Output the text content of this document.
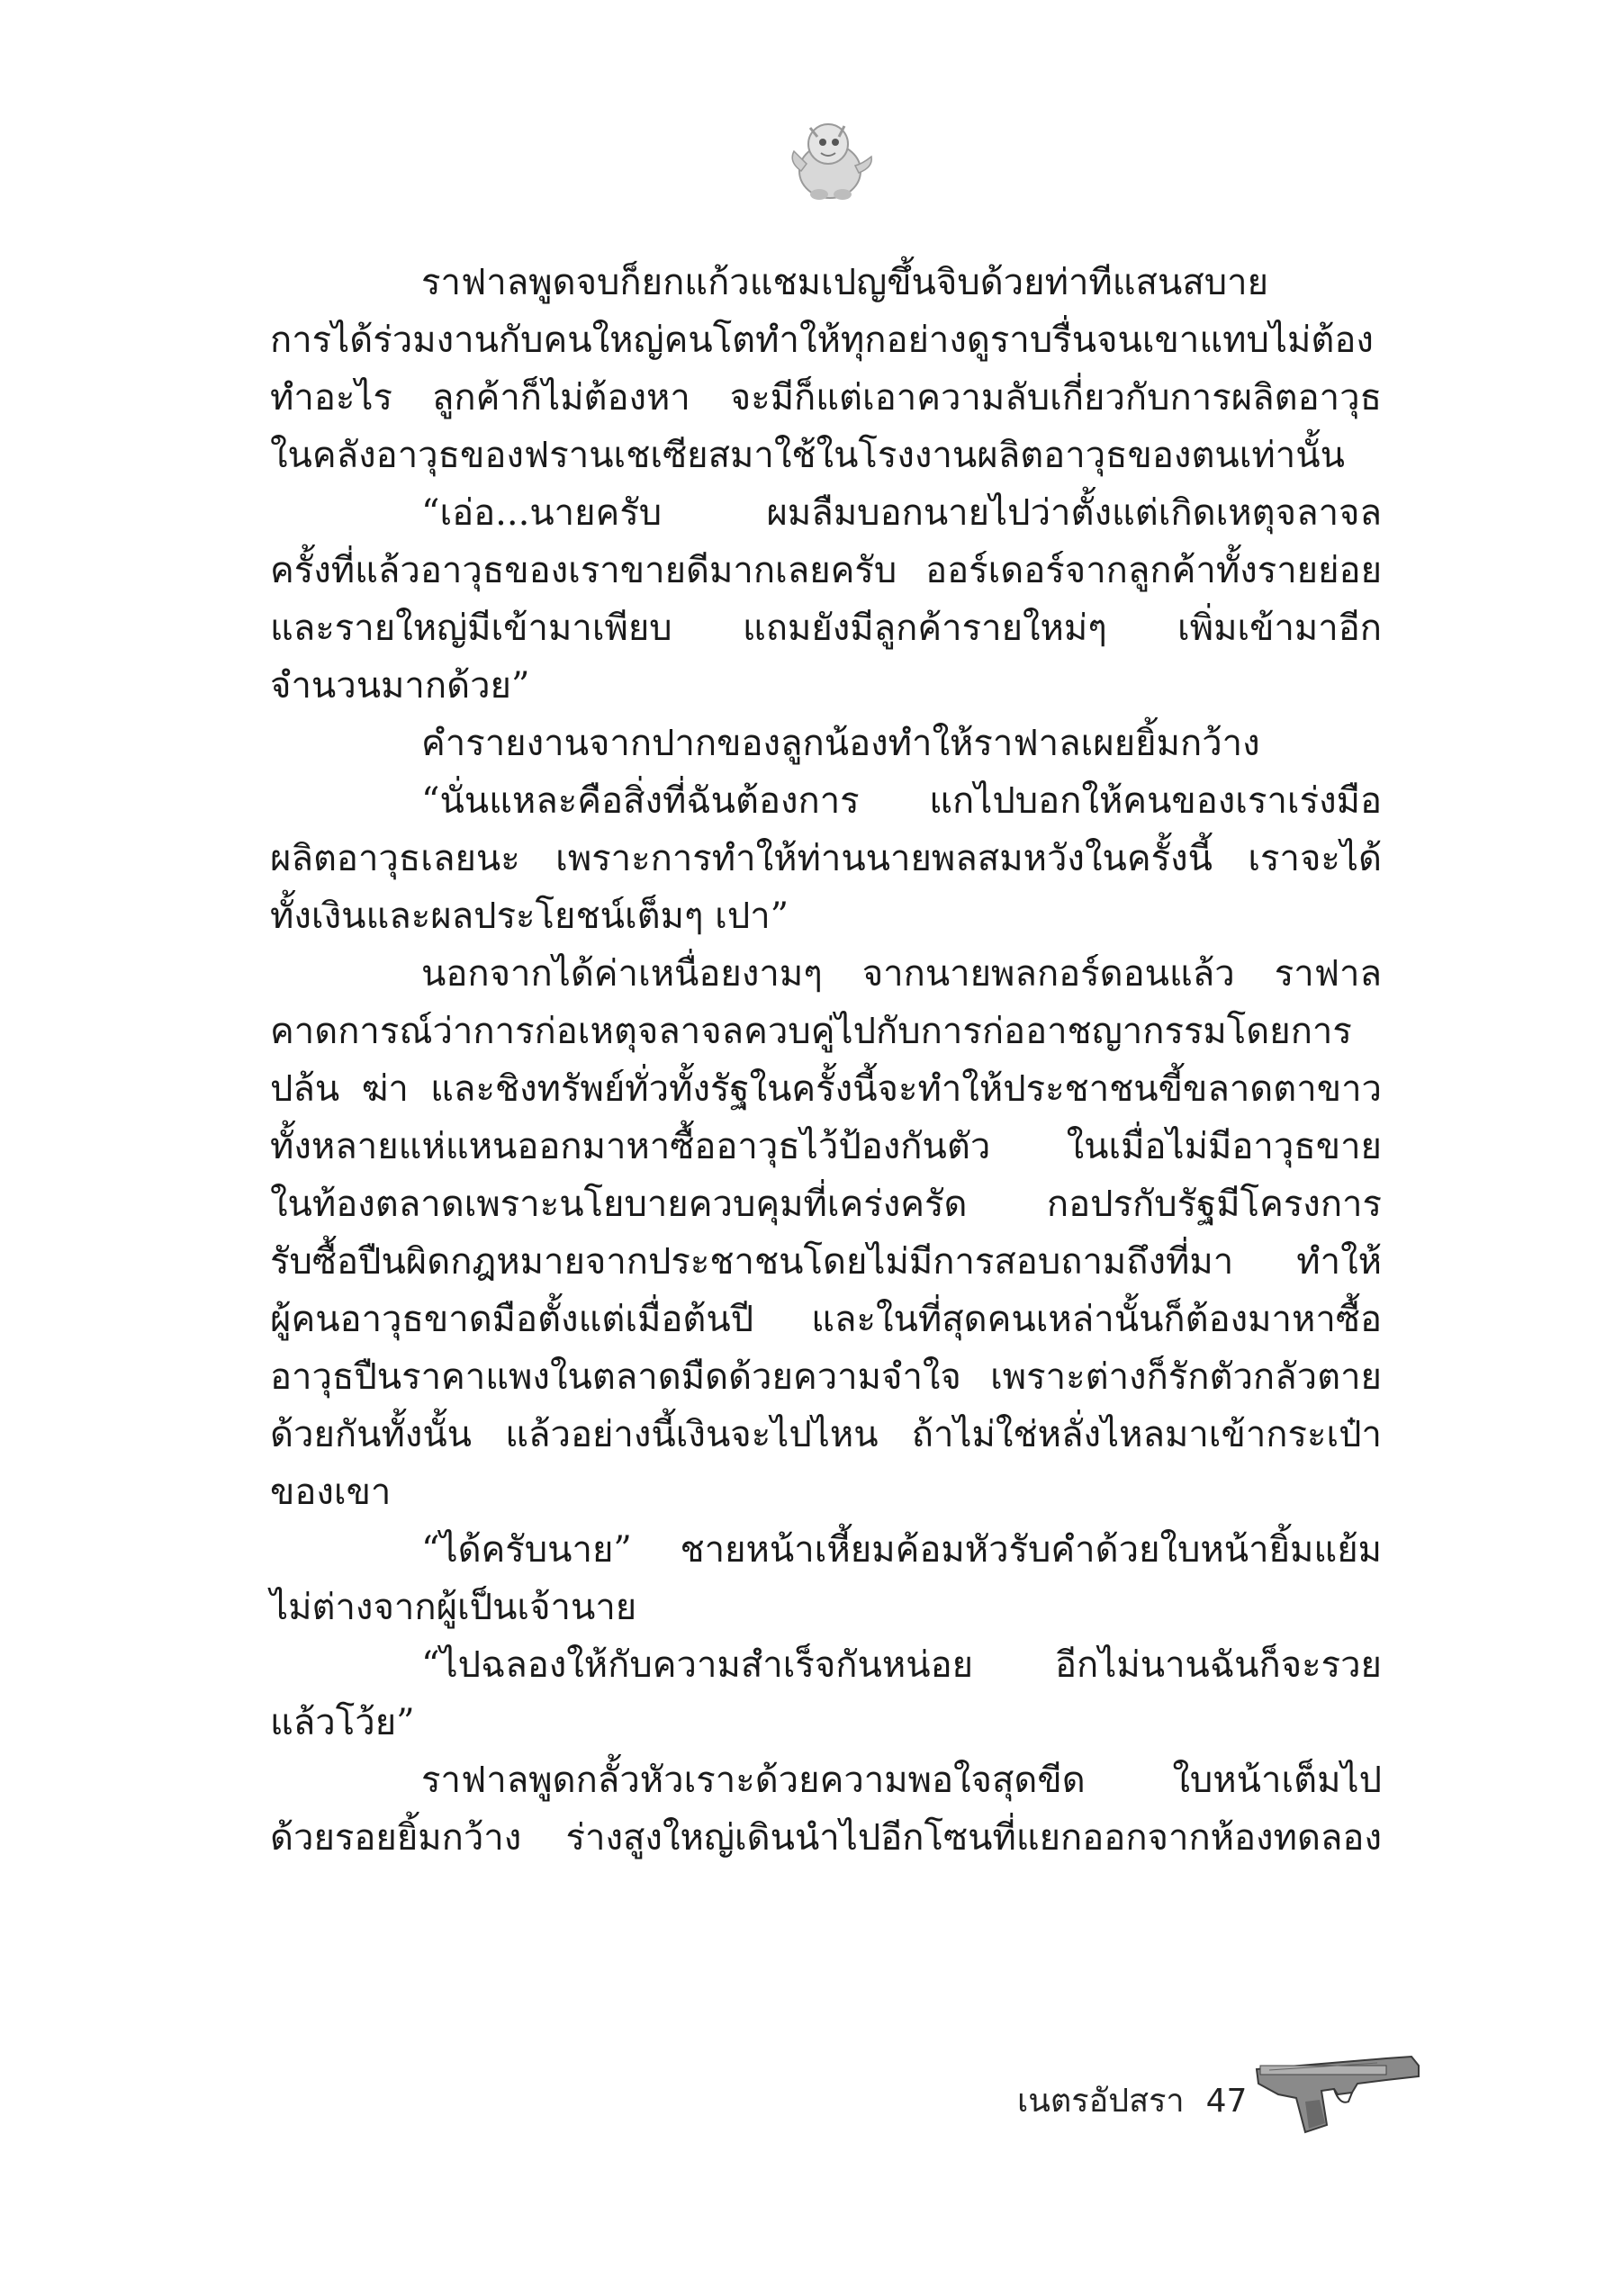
ราฟาลพูดจบก็ยกแก้วแชมเปญขึ้นจิบด้วยท่าทีแสนสบาย
การได้ร่วมงานกับคนใหญ่คนโตทำให้ทุกอย่างดูราบรื่นจนเขาแทบไม่ต้อง
ทำอะไร ลูกค้าก็ไม่ต้องหา จะมีก็แต่เอาความลับเกี่ยวกับการผลิตอาวุธ
ในคลังอาวุธของฟรานเชเซียสมาใช้ในโรงงานผลิตอาวุธของตนเท่านั้น
“เอ่อ...นายครับ ผมลืมบอกนายไปว่าตั้งแต่เกิดเหตุจลาจล
ครั้งที่แล้วอาวุธของเราขายดีมากเลยครับ ออร์เดอร์จากลูกค้าทั้งรายย่อย
และรายใหญ่มีเข้ามาเพียบ แถมยังมีลูกค้ารายใหม่ๆ เพิ่มเข้ามาอีก
จำนวนมากด้วย”
คำรายงานจากปากของลูกน้องทำให้ราฟาลเผยยิ้มกว้าง
“นั่นแหละคือสิ่งที่ฉันต้องการ แกไปบอกให้คนของเราเร่งมือ
ผลิตอาวุธเลยนะ เพราะการทำให้ท่านนายพลสมหวังในครั้งนี้ เราจะได้
ทั้งเงินและผลประโยชน์เต็มๆ เปา”
นอกจากได้ค่าเหนื่อยงามๆ จากนายพลกอร์ดอนแล้ว ราฟาล
คาดการณ์ว่าการก่อเหตุจลาจลควบคู่ไปกับการก่ออาชญากรรมโดยการ
ปล้น ฆ่า และชิงทรัพย์ทั่วทั้งรัฐในครั้งนี้จะทำให้ประชาชนขี้ขลาดตาขาว
ทั้งหลายแห่แหนออกมาหาซื้ออาวุธไว้ป้องกันตัว ในเมื่อไม่มีอาวุธขาย
ในท้องตลาดเพราะนโยบายควบคุมที่เคร่งครัด กอปรกับรัฐมีโครงการ
รับซื้อปืนผิดกฎหมายจากประชาชนโดยไม่มีการสอบถามถึงที่มา ทำให้
ผู้คนอาวุธขาดมือตั้งแต่เมื่อต้นปี และในที่สุดคนเหล่านั้นก็ต้องมาหาซื้อ
อาวุธปืนราคาแพงในตลาดมืดด้วยความจำใจ เพราะต่างก็รักตัวกลัวตาย
ด้วยกันทั้งนั้น แล้วอย่างนี้เงินจะไปไหน ถ้าไม่ใช่หลั่งไหลมาเข้ากระเป๋า
ของเขา
“ได้ครับนาย” ชายหน้าเหี้ยมค้อมหัวรับคำด้วยใบหน้ายิ้มแย้ม
ไม่ต่างจากผู้เป็นเจ้านาย
“ไปฉลองให้กับความสำเร็จกันหน่อย อีกไม่นานฉันก็จะรวย
แล้วโว้ย”
ราฟาลพูดกลั้วหัวเราะด้วยความพอใจสุดขีด ใบหน้าเต็มไป
ด้วยรอยยิ้มกว้าง ร่างสูงใหญ่เดินนำไปอีกโซนที่แยกออกจากห้องทดลอง
เนตรอัปสรา 47
